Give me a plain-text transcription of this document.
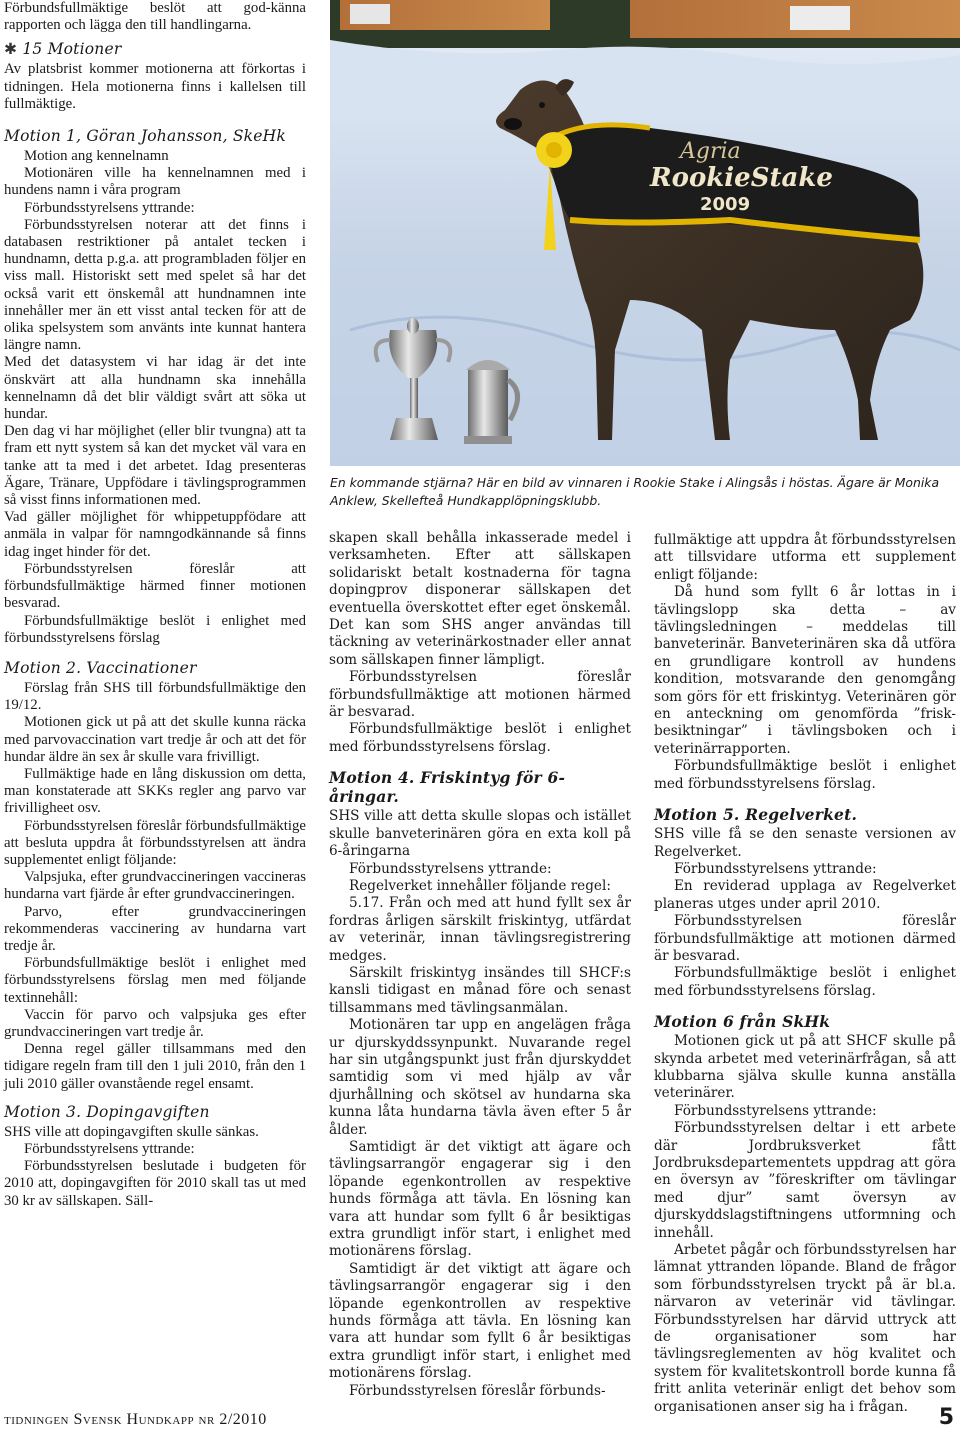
Förbundsfullmäktige beslöt att god-känna rapporten och lägga den till handlingarna.

✱ 15 Motioner

Av platsbrist kommer motionerna att förkortas i tidningen. Hela motionerna finns i kallelsen till fullmäktige.

Motion 1, Göran Johansson, SkeHk

Motion ang kennelnamn

Motionären ville ha kennelnamnen med i hundens namn i våra program

Förbundsstyrelsens yttrande:

Förbundsstyrelsen noterar att det finns i databasen restriktioner på antalet tecken i hundnamn, detta p.g.a. att programbladen följer en viss mall. Historiskt sett med spelet så har det också varit ett önskemål att hundnamnen inte innehåller mer än ett visst antal tecken för att de olika spelsystem som använts inte kunnat hantera längre namn.

Med det datasystem vi har idag är det inte önskvärt att alla hundnamn ska innehålla kennelnamn då det blir väldigt svårt att söka ut hundar.

Den dag vi har möjlighet (eller blir tvungna) att ta fram ett nytt system så kan det mycket väl vara en tanke att ta med i det arbetet. Idag presenteras Ägare, Tränare, Uppfödare i tävlingsprogrammen så visst finns informationen med.

Vad gäller möjlighet för whippetuppfödare att anmäla in valpar för namngodkännande så finns idag inget hinder för det.

Förbundsstyrelsen föreslår att förbundsfullmäktige härmed finner motionen besvarad.

Förbundsfullmäktige beslöt i enlighet med förbundsstyrelsens förslag

Motion 2. Vaccinationer

Förslag från SHS till förbundsfullmäktige den 19/12.

Motionen gick ut på att det skulle kunna räcka med parvovaccination vart tredje år och att det för hundar äldre än sex år skulle vara frivilligt.

Fullmäktige hade en lång diskussion om detta, man konstaterade att SKKs regler ang parvo var frivilligheet osv.

Förbundsstyrelsen föreslår förbundsfullmäktige att besluta uppdra åt förbundsstyrelsen att ändra supplementet enligt följande:

Valpsjuka, efter grundvaccineringen vaccineras hundarna vart fjärde år efter grundvaccineringen.

Parvo, efter grundvaccineringen rekommenderas vaccinering av hundarna vart tredje år.

Förbundsfullmäktige beslöt i enlighet med förbundsstyrelsens förslag men med följande textinnehåll:

Vaccin för parvo och valpsjuka ges efter grundvaccineringen vart tredje år.

Denna regel gäller tillsammans med den tidigare regeln fram till den 1 juli 2010, från den 1 juli 2010 gäller ovanstående regel ensamt.

Motion 3. Dopingavgiften

SHS ville att dopingavgiften skulle sänkas.

Förbundsstyrelsens yttrande:

Förbundsstyrelsen beslutade i budgeten för 2010 att, dopingavgiften för 2010 skall tas ut med 30 kr av sällskapen. Säll-

Agria
RookieStake
2009
En kommande stjärna? Här en bild av vinnaren i Rookie Stake i Alingsås i höstas. Ägare är Monika Anklew, Skellefteå Hundkapplöpningsklubb.

skapen skall behålla inkasserade medel i verksamheten. Efter att sällskapen solidariskt betalt kostnaderna för tagna dopingprov disponerar sällskapen det eventuella överskottet efter eget önskemål. Det kan som SHS anger användas till täckning av veterinärkostnader eller annat som sällskapen finner lämpligt.

Förbundsstyrelsen föreslår förbundsfullmäktige att motionen härmed är besvarad.

Förbundsfullmäktige beslöt i enlighet med förbundsstyrelsens förslag.

Motion 4. Friskintyg för 6-åringar.

SHS ville att detta skulle slopas och istället skulle banveterinären göra en exta koll på 6-åringarna

Förbundsstyrelsens yttrande:

Regelverket innehåller följande regel:

5.17. Från och med att hund fyllt sex år fordras årligen särskilt friskintyg, utfärdat av veterinär, innan tävlingsregistrering medges.

Särskilt friskintyg insändes till SHCF:s kansli tidigast en månad före och senast tillsammans med tävlingsanmälan.

Motionären tar upp en angelägen fråga ur djurskyddssynpunkt. Nuvarande regel har sin utgångspunkt just från djurskyddet samtidig som vi med hjälp av vår djurhållning och skötsel av hundarna ska kunna låta hundarna tävla även efter 5 år ålder.

Samtidigt är det viktigt att ägare och tävlingsarrangör engagerar sig i den löpande egenkontrollen av respektive hunds förmåga att tävla. En lösning kan vara att hundar som fyllt 6 år besiktigas extra grundligt inför start, i enlighet med motionärens förslag.

Samtidigt är det viktigt att ägare och tävlingsarrangör engagerar sig i den löpande egenkontrollen av respektive hunds förmåga att tävla. En lösning kan vara att hundar som fyllt 6 år besiktigas extra grundligt inför start, i enlighet med motionärens förslag.

Förbundsstyrelsen föreslår förbunds-

fullmäktige att uppdra åt förbundsstyrelsen att tillsvidare utforma ett supplement enligt följande:

Då hund som fyllt 6 år lottas in i tävlingslopp ska detta – av tävlingsledningen – meddelas till banveterinär. Banveterinären ska då utföra en grundligare kontroll av hundens kondition, motsvarande den genomgång som görs för ett friskintyg. Veterinären gör en anteckning om genomförda ”frisk-besiktningar” i tävlingsboken och i veterinärrapporten.

Förbundsfullmäktige beslöt i enlighet med förbundsstyrelsens förslag.

Motion 5. Regelverket.

SHS ville få se den senaste versionen av Regelverket.

Förbundsstyrelsens yttrande:

En reviderad upplaga av Regelverket planeras utges under april 2010.

Förbundsstyrelsen föreslår förbundsfullmäktige att motionen därmed är besvarad.

Förbundsfullmäktige beslöt i enlighet med förbundsstyrelsens förslag.

Motion 6 från SkHk

Motionen gick ut på att SHCF skulle på skynda arbetet med veterinärfrågan, så att klubbarna själva skulle kunna anställa veterinärer.

Förbundsstyrelsens yttrande:

Förbundsstyrelsen deltar i ett arbete där Jordbruksverket fått Jordbruksdepartementets uppdrag att göra en översyn av ”föreskrifter om tävlingar med djur” samt översyn av djurskyddslagstiftningens utformning och innehåll.

Arbetet pågår och förbundsstyrelsen har lämnat yttranden löpande. Bland de frågor som förbundsstyrelsen tryckt på är bl.a. närvaron av veterinär vid tävlingar. Förbundsstyrelsen har därvid uttryck att de organisationer som har tävlingsreglementen av hög kvalitet och system för kvalitetskontroll borde kunna få fritt anlita veterinär enligt det behov som organisationen anser sig ha i frågan.

tidningen Svensk Hundkapp nr 2/2010	5
